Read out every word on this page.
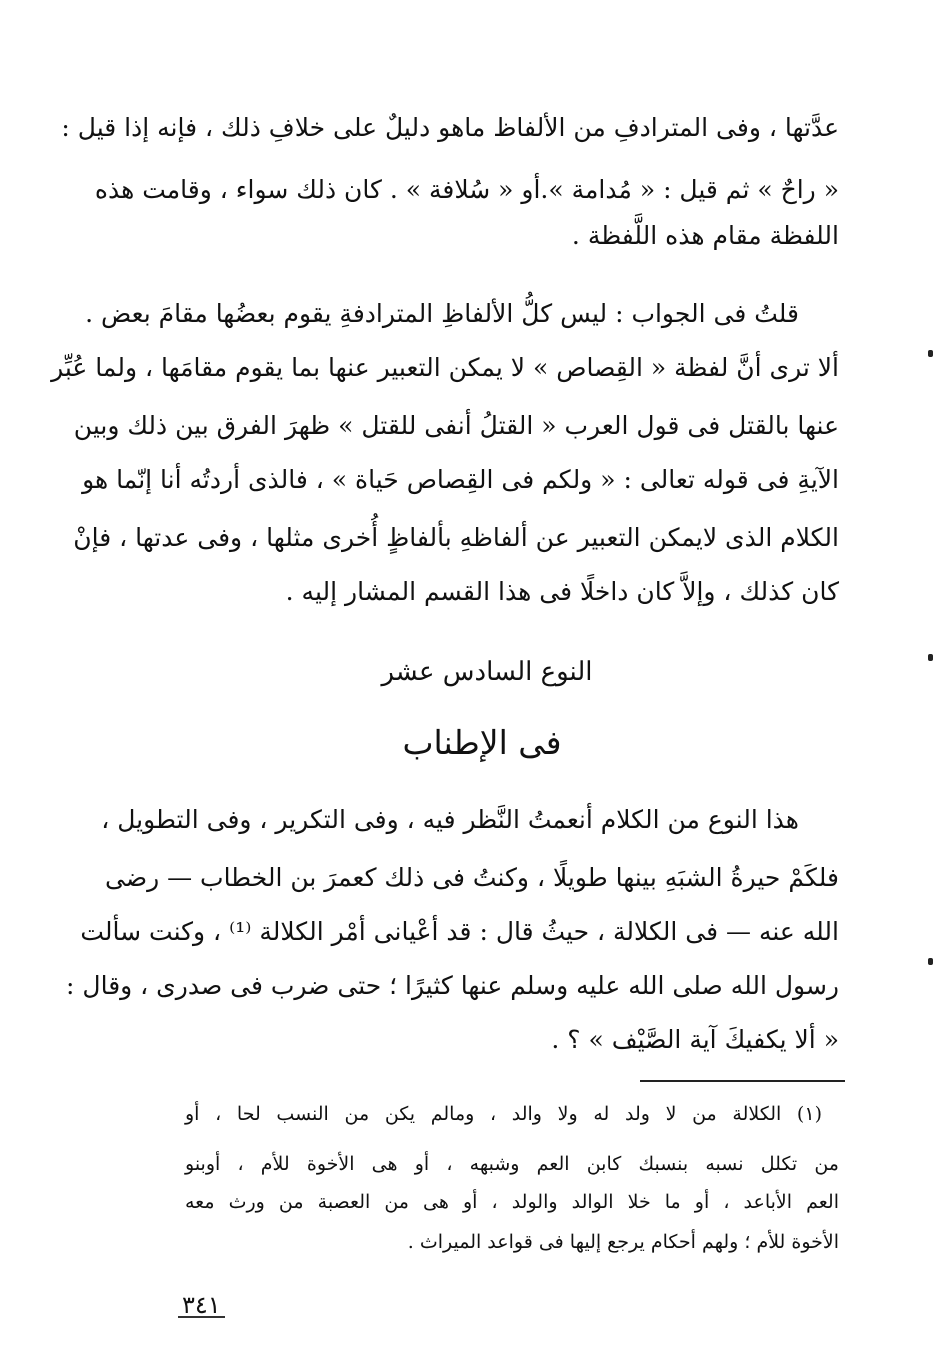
عدَّتها ، وفى المترادفِ من الألفاظ ماهو دليلٌ على خلافِ ذلك ، فإنه إذا قيل :
« راحٌ » ثم قيل : « مُدامة ».أو « سُلافة » . كان ذلك سواء ، وقامت هذه
اللفظة مقام هذه اللَّفظة .
قلتُ فى الجواب : ليس كلُّ الألفاظِ المترادفةِ يقوم بعضُها مقامَ بعض .
ألا ترى أنَّ لفظة « القِصاص » لا يمكن التعبير عنها بما يقوم مقامَها ، ولما عُبِّر
عنها بالقتل فى قول العرب « القتلُ أنفى للقتل » ظهرَ الفرق بين ذلك وبين
الآيةِ فى قوله تعالى : « ولكم فى القِصاص حَياة » ، فالذى أردتُه أنا إنّما هو
الكلام الذى لايمكن التعبير عن ألفاظهِ بألفاظٍ أُخرى مثلها ، وفى عدتها ، فإنْ
كان كذلك ، وإلاَّ كان داخلًا فى هذا القسم المشار إليه .
النوع السادس عشر
فى الإطناب
هذا النوع من الكلام أنعمتُ النَّظر فيه ، وفى التكرير ، وفى التطويل ،
فلكَمْ حيرةُ الشبَهِ بينها طويلًا ، وكنتُ فى ذلك كعمرَ بن الخطاب — رضى
الله عنه — فى الكلالة ، حيثُ قال : قد أعْيانى أمْر الكلالة ⁽¹⁾ ، وكنت سألت
رسول الله صلى الله عليه وسلم عنها كثيرًا ؛ حتى ضرب فى صدرى ، وقال :
« ألا يكفيكَ آية الصَّيْف » ؟ .
(١) الكلالة من لا ولد له ولا والد ، ومالم يكن من النسب لحا ، أو
من تكلل نسبه بنسبك كابن العم وشبهه ، أو هى الأخوة للأم ، أوبنو
العم الأباعد ، أو ما خلا الوالد والولد ، أو هى من العصبة من ورث معه
الأخوة للأم ؛ ولهم أحكام يرجع إليها فى قواعد الميراث .
٣٤١
